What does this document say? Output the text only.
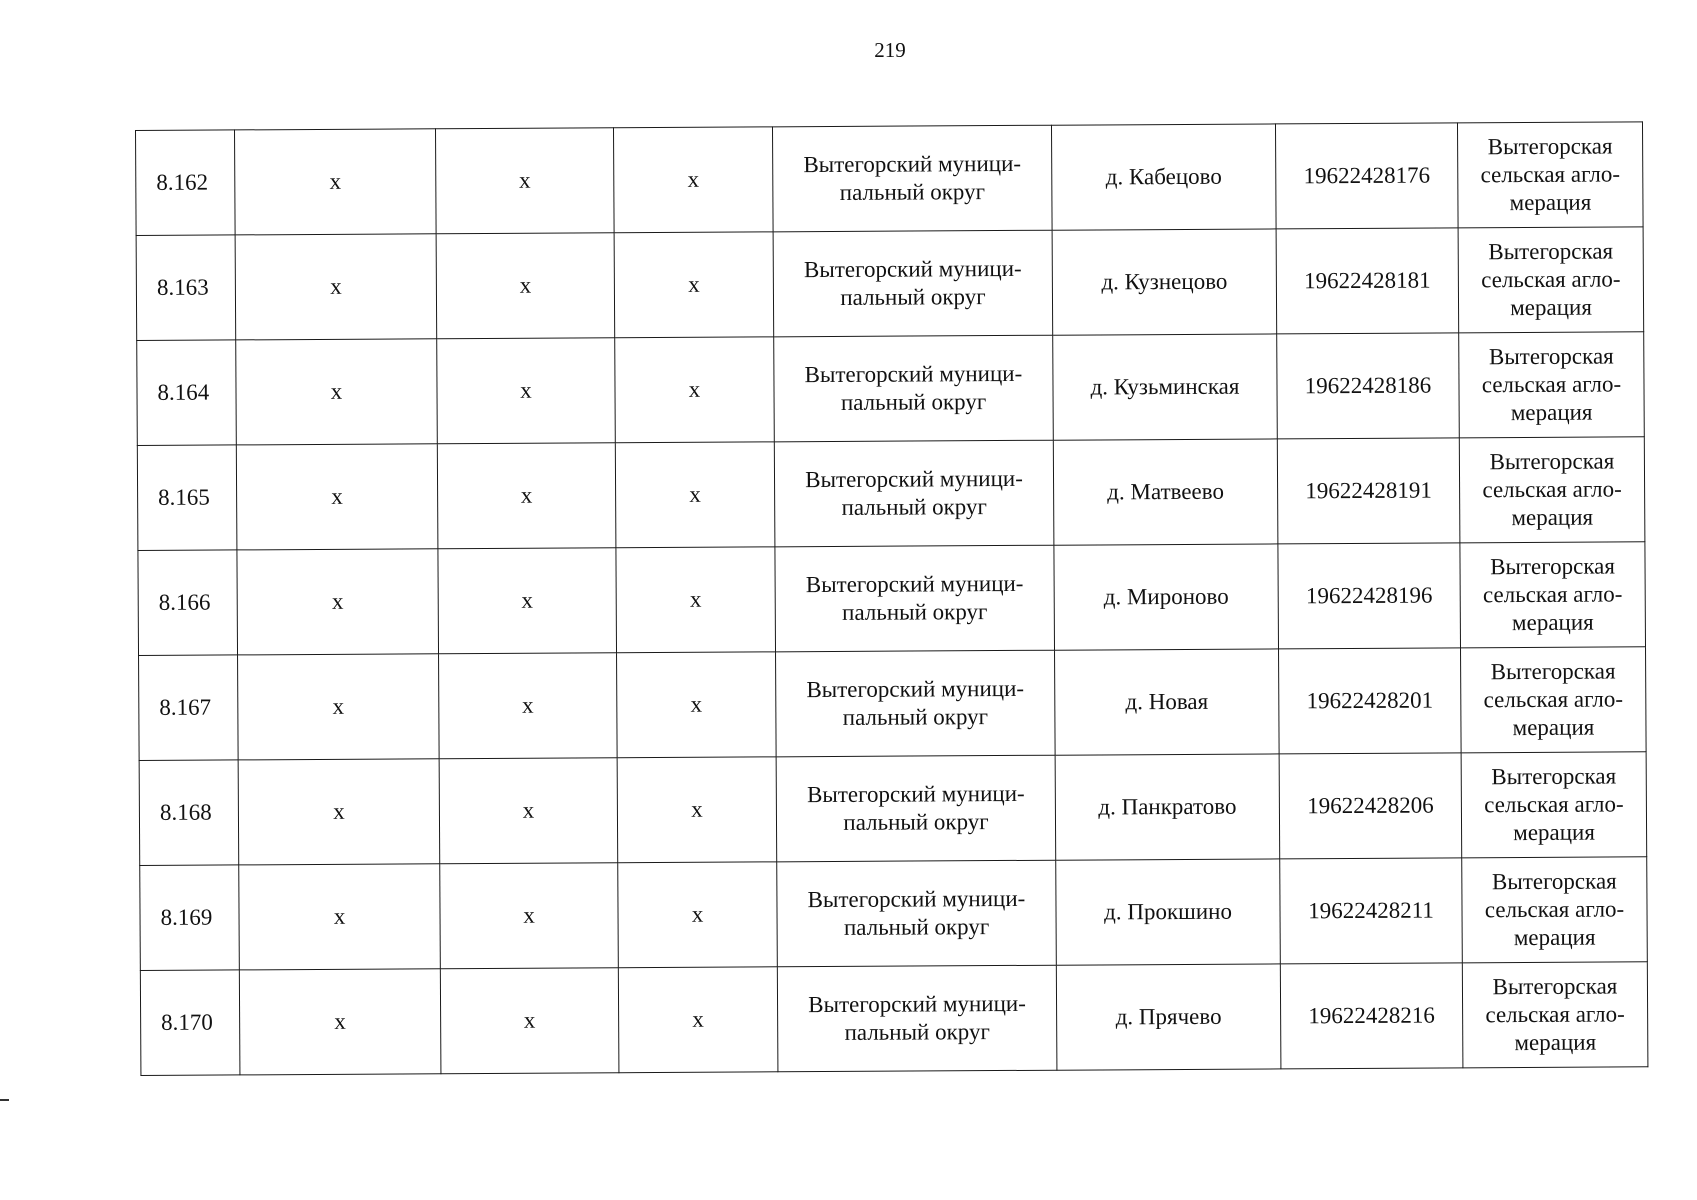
219
8.162	х	х	х	Вытегорский муници-
пальный округ	д. Кабецово	19622428176	Вытегорская
сельская агло-
мерация
8.163	х	х	х	Вытегорский муници-
пальный округ	д. Кузнецово	19622428181	Вытегорская
сельская агло-
мерация
8.164	х	х	х	Вытегорский муници-
пальный округ	д. Кузьминская	19622428186	Вытегорская
сельская агло-
мерация
8.165	х	х	х	Вытегорский муници-
пальный округ	д. Матвеево	19622428191	Вытегорская
сельская агло-
мерация
8.166	х	х	х	Вытегорский муници-
пальный округ	д. Мироново	19622428196	Вытегорская
сельская агло-
мерация
8.167	х	х	х	Вытегорский муници-
пальный округ	д. Новая	19622428201	Вытегорская
сельская агло-
мерация
8.168	х	х	х	Вытегорский муници-
пальный округ	д. Панкратово	19622428206	Вытегорская
сельская агло-
мерация
8.169	х	х	х	Вытегорский муници-
пальный округ	д. Прокшино	19622428211	Вытегорская
сельская агло-
мерация
8.170	х	х	х	Вытегорский муници-
пальный округ	д. Прячево	19622428216	Вытегорская
сельская агло-
мерация
